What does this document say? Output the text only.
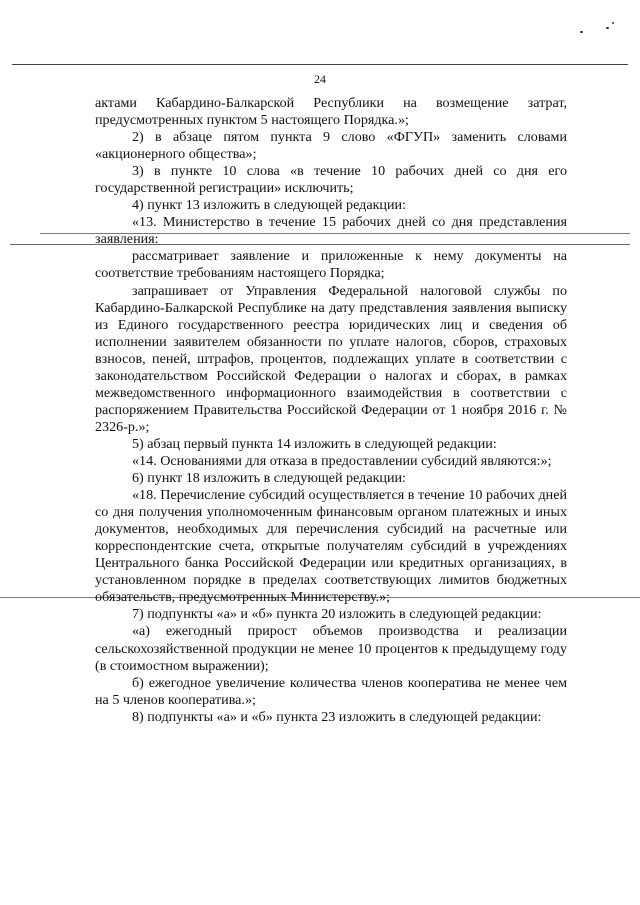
24

актами Кабардино-Балкарской Республики на возмещение затрат, предусмотренных пунктом 5 настоящего Порядка.»;

2) в абзаце пятом пункта 9 слово «ФГУП» заменить словами «акционерного общества»;

3) в пункте 10 слова «в течение 10 рабочих дней со дня его государственной регистрации» исключить;

4) пункт 13 изложить в следующей редакции:

«13. Министерство в течение 15 рабочих дней со дня представления заявления:

рассматривает заявление и приложенные к нему документы на соответствие требованиям настоящего Порядка;

запрашивает от Управления Федеральной налоговой службы по Кабардино-Балкарской Республике на дату представления заявления выписку из Единого государственного реестра юридических лиц и сведения об исполнении заявителем обязанности по уплате налогов, сборов, страховых взносов, пеней, штрафов, процентов, подлежащих уплате в соответствии с законодательством Российской Федерации о налогах и сборах, в рамках межведомственного информационного взаимодействия в соответствии с распоряжением Правительства Российской Федерации от 1 ноября 2016 г. № 2326-р.»;

5) абзац первый пункта 14 изложить в следующей редакции:

«14. Основаниями для отказа в предоставлении субсидий являются:»;

6) пункт 18 изложить в следующей редакции:

«18. Перечисление субсидий осуществляется в течение 10 рабочих дней со дня получения уполномоченным финансовым органом платежных и иных документов, необходимых для перечисления субсидий на расчетные или корреспондентские счета, открытые получателям субсидий в учреждениях Центрального банка Российской Федерации или кредитных организациях, в установленном порядке в пределах соответствующих лимитов бюджетных обязательств, предусмотренных Министерству.»;

7) подпункты «а» и «б» пункта 20 изложить в следующей редакции:

«а) ежегодный прирост объемов производства и реализации сельскохозяйственной продукции не менее 10 процентов к предыдущему году (в стоимостном выражении);

б) ежегодное увеличение количества членов кооператива не менее чем на 5 членов кооператива.»;

8) подпункты «а» и «б» пункта 23 изложить в следующей редакции:
